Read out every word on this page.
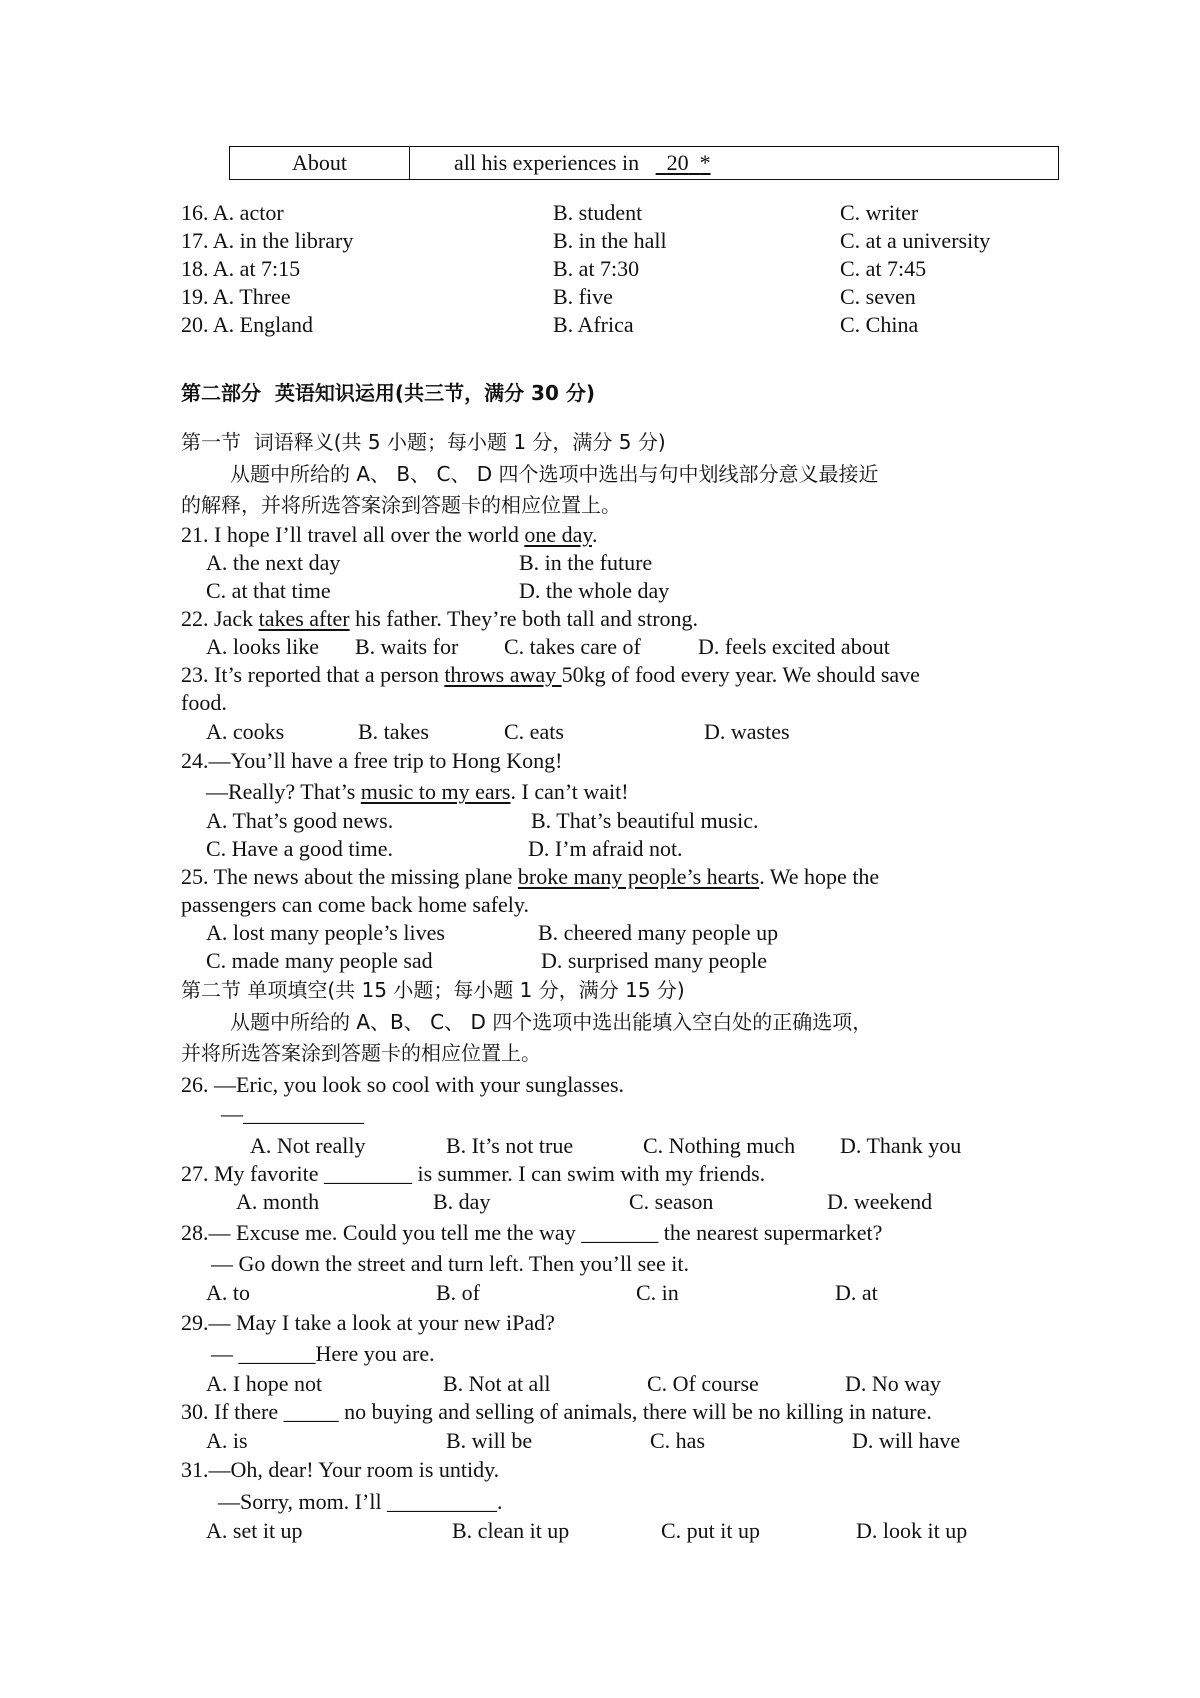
About	all his experiences in 20 *
16. A. actor	B. student	C. writer
17. A. in the library	B. in the hall	C. at a university
18. A. at 7:15	B. at 7:30	C. at 7:45
19. A. Three	B. five	C. seven
20. A. England	B. Africa	C. China
第二部分  英语知识运用(共三节，满分 30 分)
第一节  词语释义(共 5 小题；每小题 1 分，满分 5 分)
从题中所给的 A、 B、 C、 D 四个选项中选出与句中划线部分意义最接近
的解释，并将所选答案涂到答题卡的相应位置上。
21. I hope I’ll travel all over the world one day.
A. the next day	B. in the future
C. at that time	D. the whole day
22. Jack takes after his father. They’re both tall and strong.
A. looks like B. waits for C. takes care of	D. feels excited about
23. It’s reported that a person throws away 50kg of food every year. We should save
food.
A. cooks	B. takes	C. eats	D. wastes
24.—You’ll have a free trip to Hong Kong!
—Really? That’s music to my ears. I can’t wait!
A. That’s good news.	B. That’s beautiful music.
C. Have a good time.	D. I’m afraid not.
25. The news about the missing plane broke many people’s hearts. We hope the
passengers can come back home safely.
A. lost many people’s lives	B. cheered many people up
C. made many people sad	D. surprised many people
第二节 单项填空(共 15 小题；每小题 1 分，满分 15 分)
从题中所给的 A、B、 C、 D 四个选项中选出能填入空白处的正确选项，
并将所选答案涂到答题卡的相应位置上。
26. —Eric, you look so cool with your sunglasses.
—___________
A. Not really	B. It’s not true	C. Nothing much D. Thank you
27. My favorite ________ is summer. I can swim with my friends.
A. month	B. day	C. season	D. weekend
28.— Excuse me. Could you tell me the way _______ the nearest supermarket?
— Go down the street and turn left. Then you’ll see it.
A. to	B. of	C. in	D. at
29.— May I take a look at your new iPad?
— _______Here you are.
A. I hope not	B. Not at all	C. Of course	D. No way
30. If there _____ no buying and selling of animals, there will be no killing in nature.
A. is	B. will be	C. has	D. will have
31.—Oh, dear! Your room is untidy.
—Sorry, mom. I’ll __________.
A. set it up	B. clean it up	C. put it up	D. look it up
